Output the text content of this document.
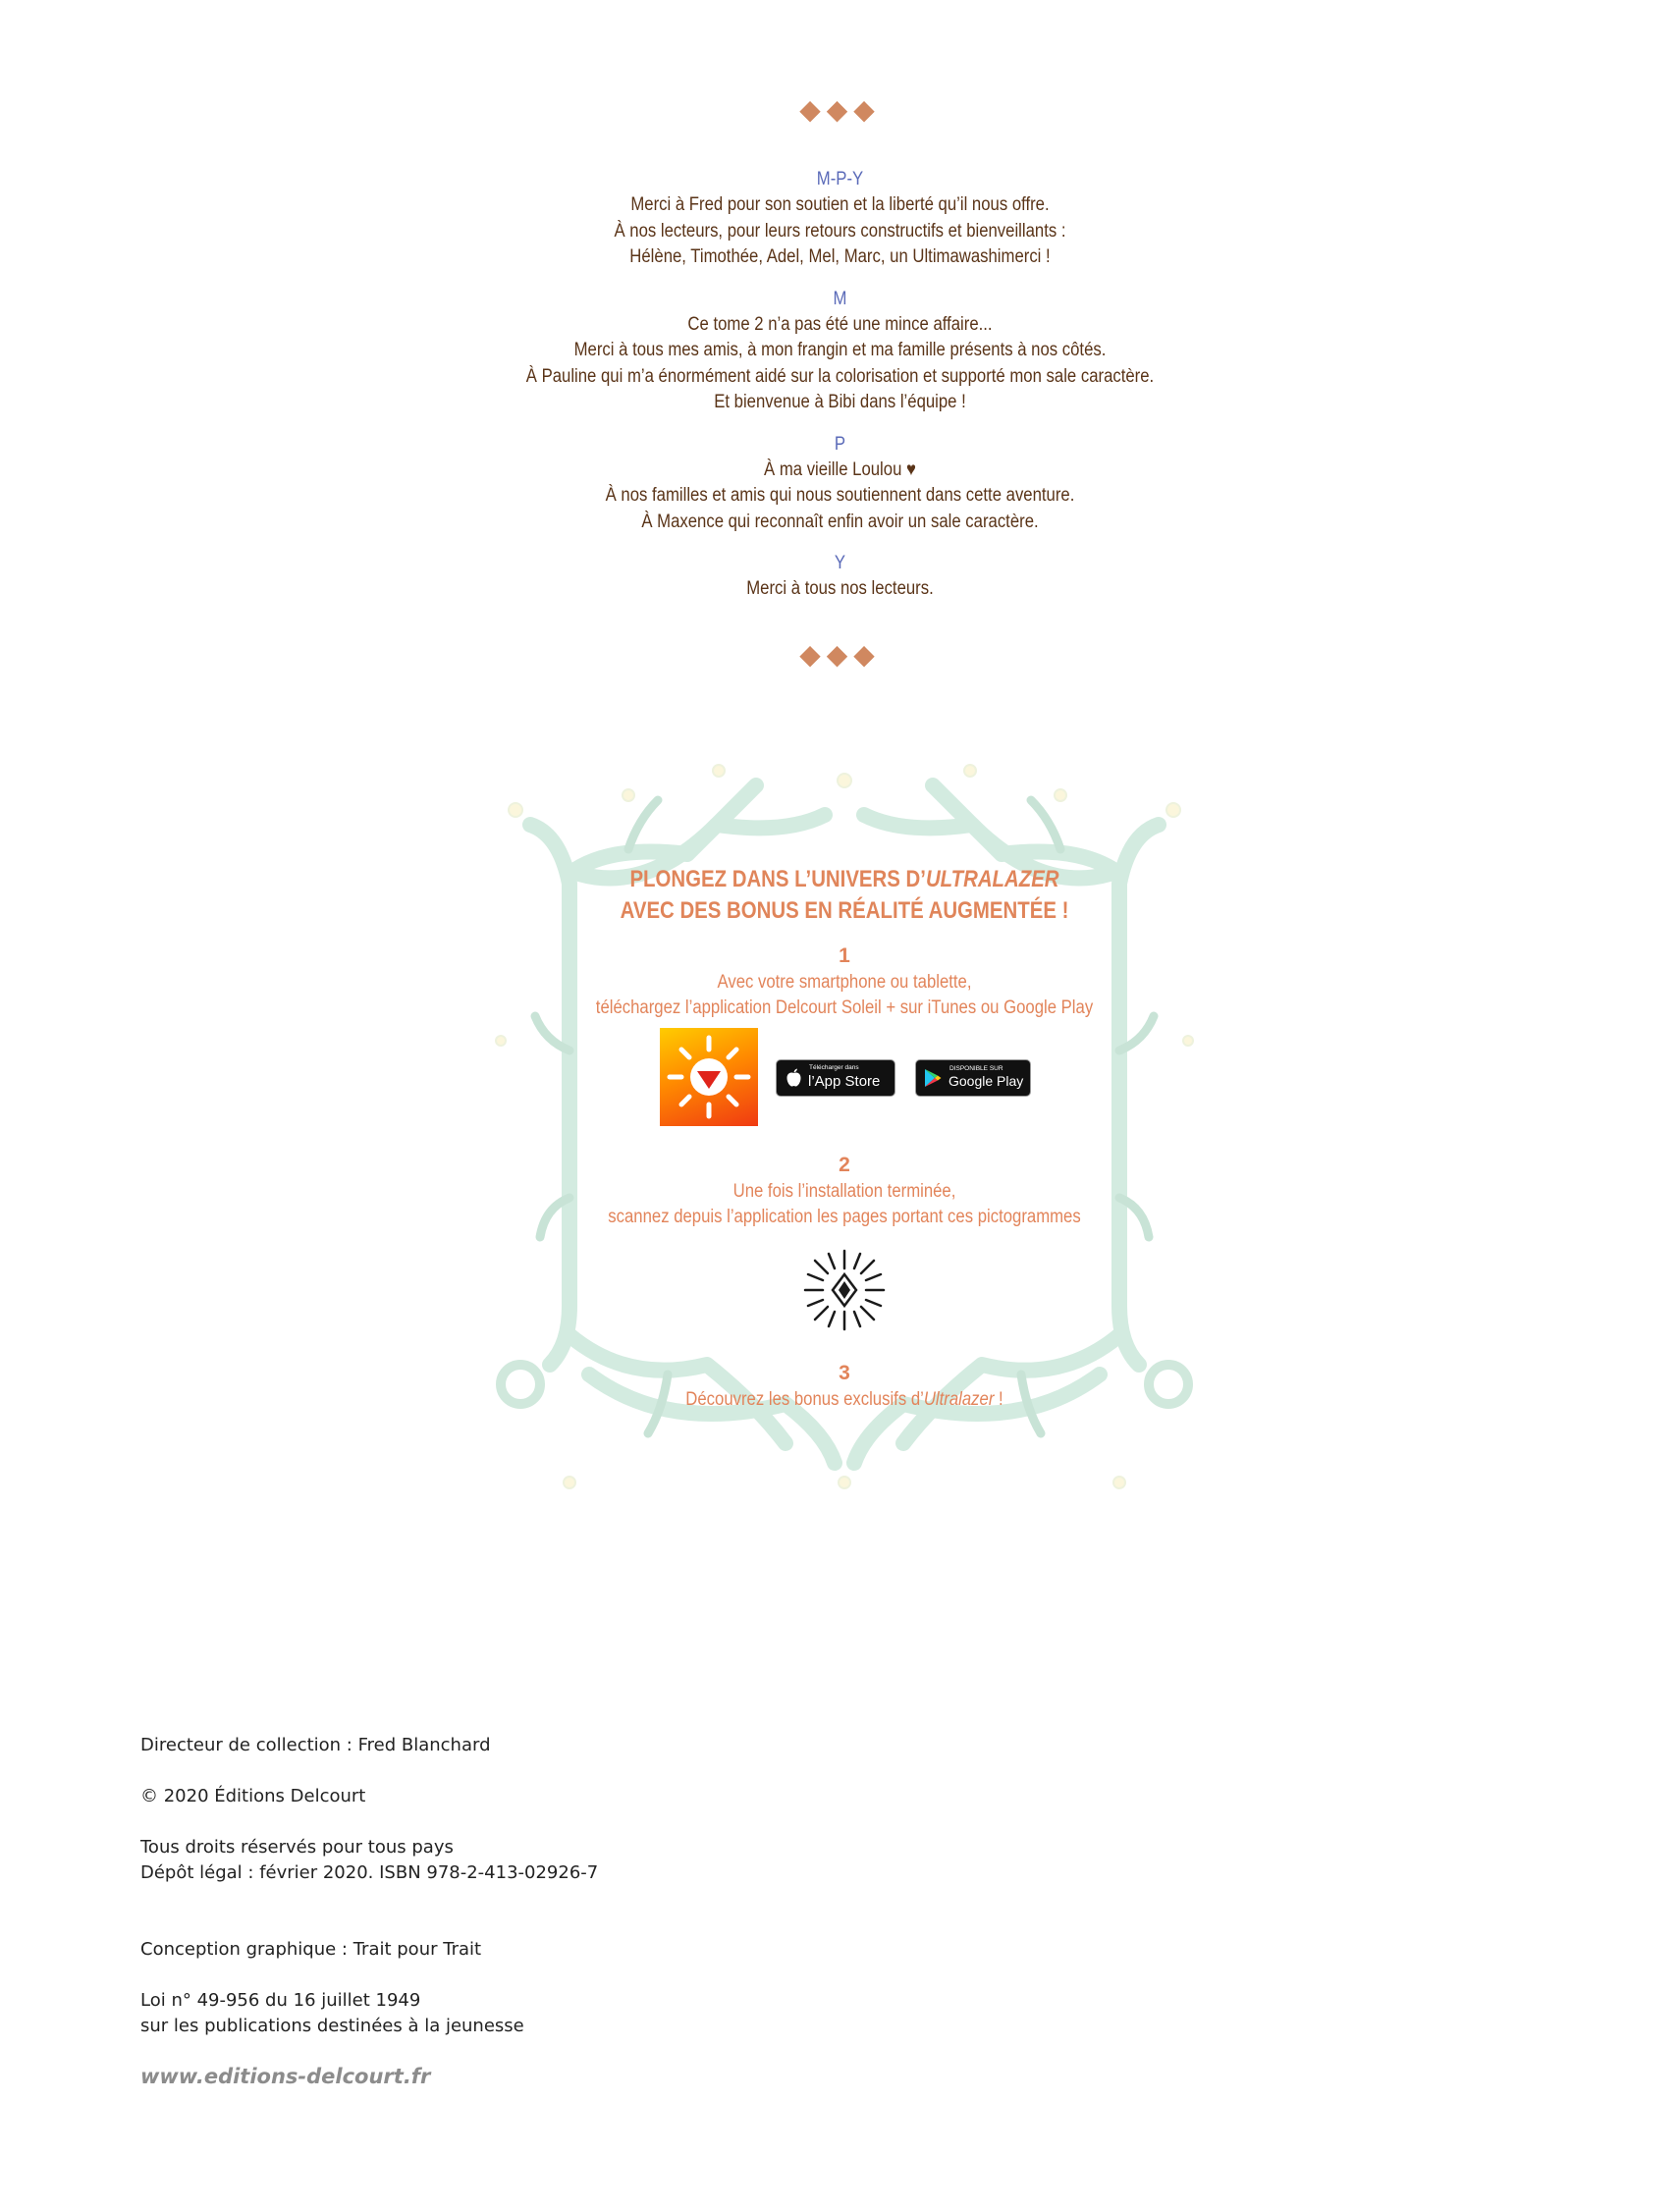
◆◆◆
M-P-Y
Merci à Fred pour son soutien et la liberté qu’il nous offre.
À nos lecteurs, pour leurs retours constructifs et bienveillants :
Hélène, Timothée, Adel, Mel, Marc, un Ultimawashimerci !
M
Ce tome 2 n’a pas été une mince affaire...
Merci à tous mes amis, à mon frangin et ma famille présents à nos côtés.
À Pauline qui m’a énormément aidé sur la colorisation et supporté mon sale caractère.
Et bienvenue à Bibi dans l’équipe !
P
À ma vieille Loulou ♥
À nos familles et amis qui nous soutiennent dans cette aventure.
À Maxence qui reconnaît enfin avoir un sale caractère.
Y
Merci à tous nos lecteurs.
◆◆◆
PLONGEZ DANS L’UNIVERS D’ULTRALAZER
AVEC DES BONUS EN RÉALITÉ AUGMENTÉE !
1
Avec votre smartphone ou tablette,
téléchargez l’application Delcourt Soleil + sur iTunes ou Google Play
Télécharger dans
l’App Store
DISPONIBLE SUR
Google Play
2
Une fois l’installation terminée,
scannez depuis l’application les pages portant ces pictogrammes
3
Découvrez les bonus exclusifs d’Ultralazer !
Directeur de collection : Fred Blanchard
© 2020 Éditions Delcourt
Tous droits réservés pour tous pays
Dépôt légal : février 2020. ISBN 978-2-413-02926-7
Conception graphique : Trait pour Trait
Loi n° 49-956 du 16 juillet 1949
sur les publications destinées à la jeunesse
www.editions-delcourt.fr
